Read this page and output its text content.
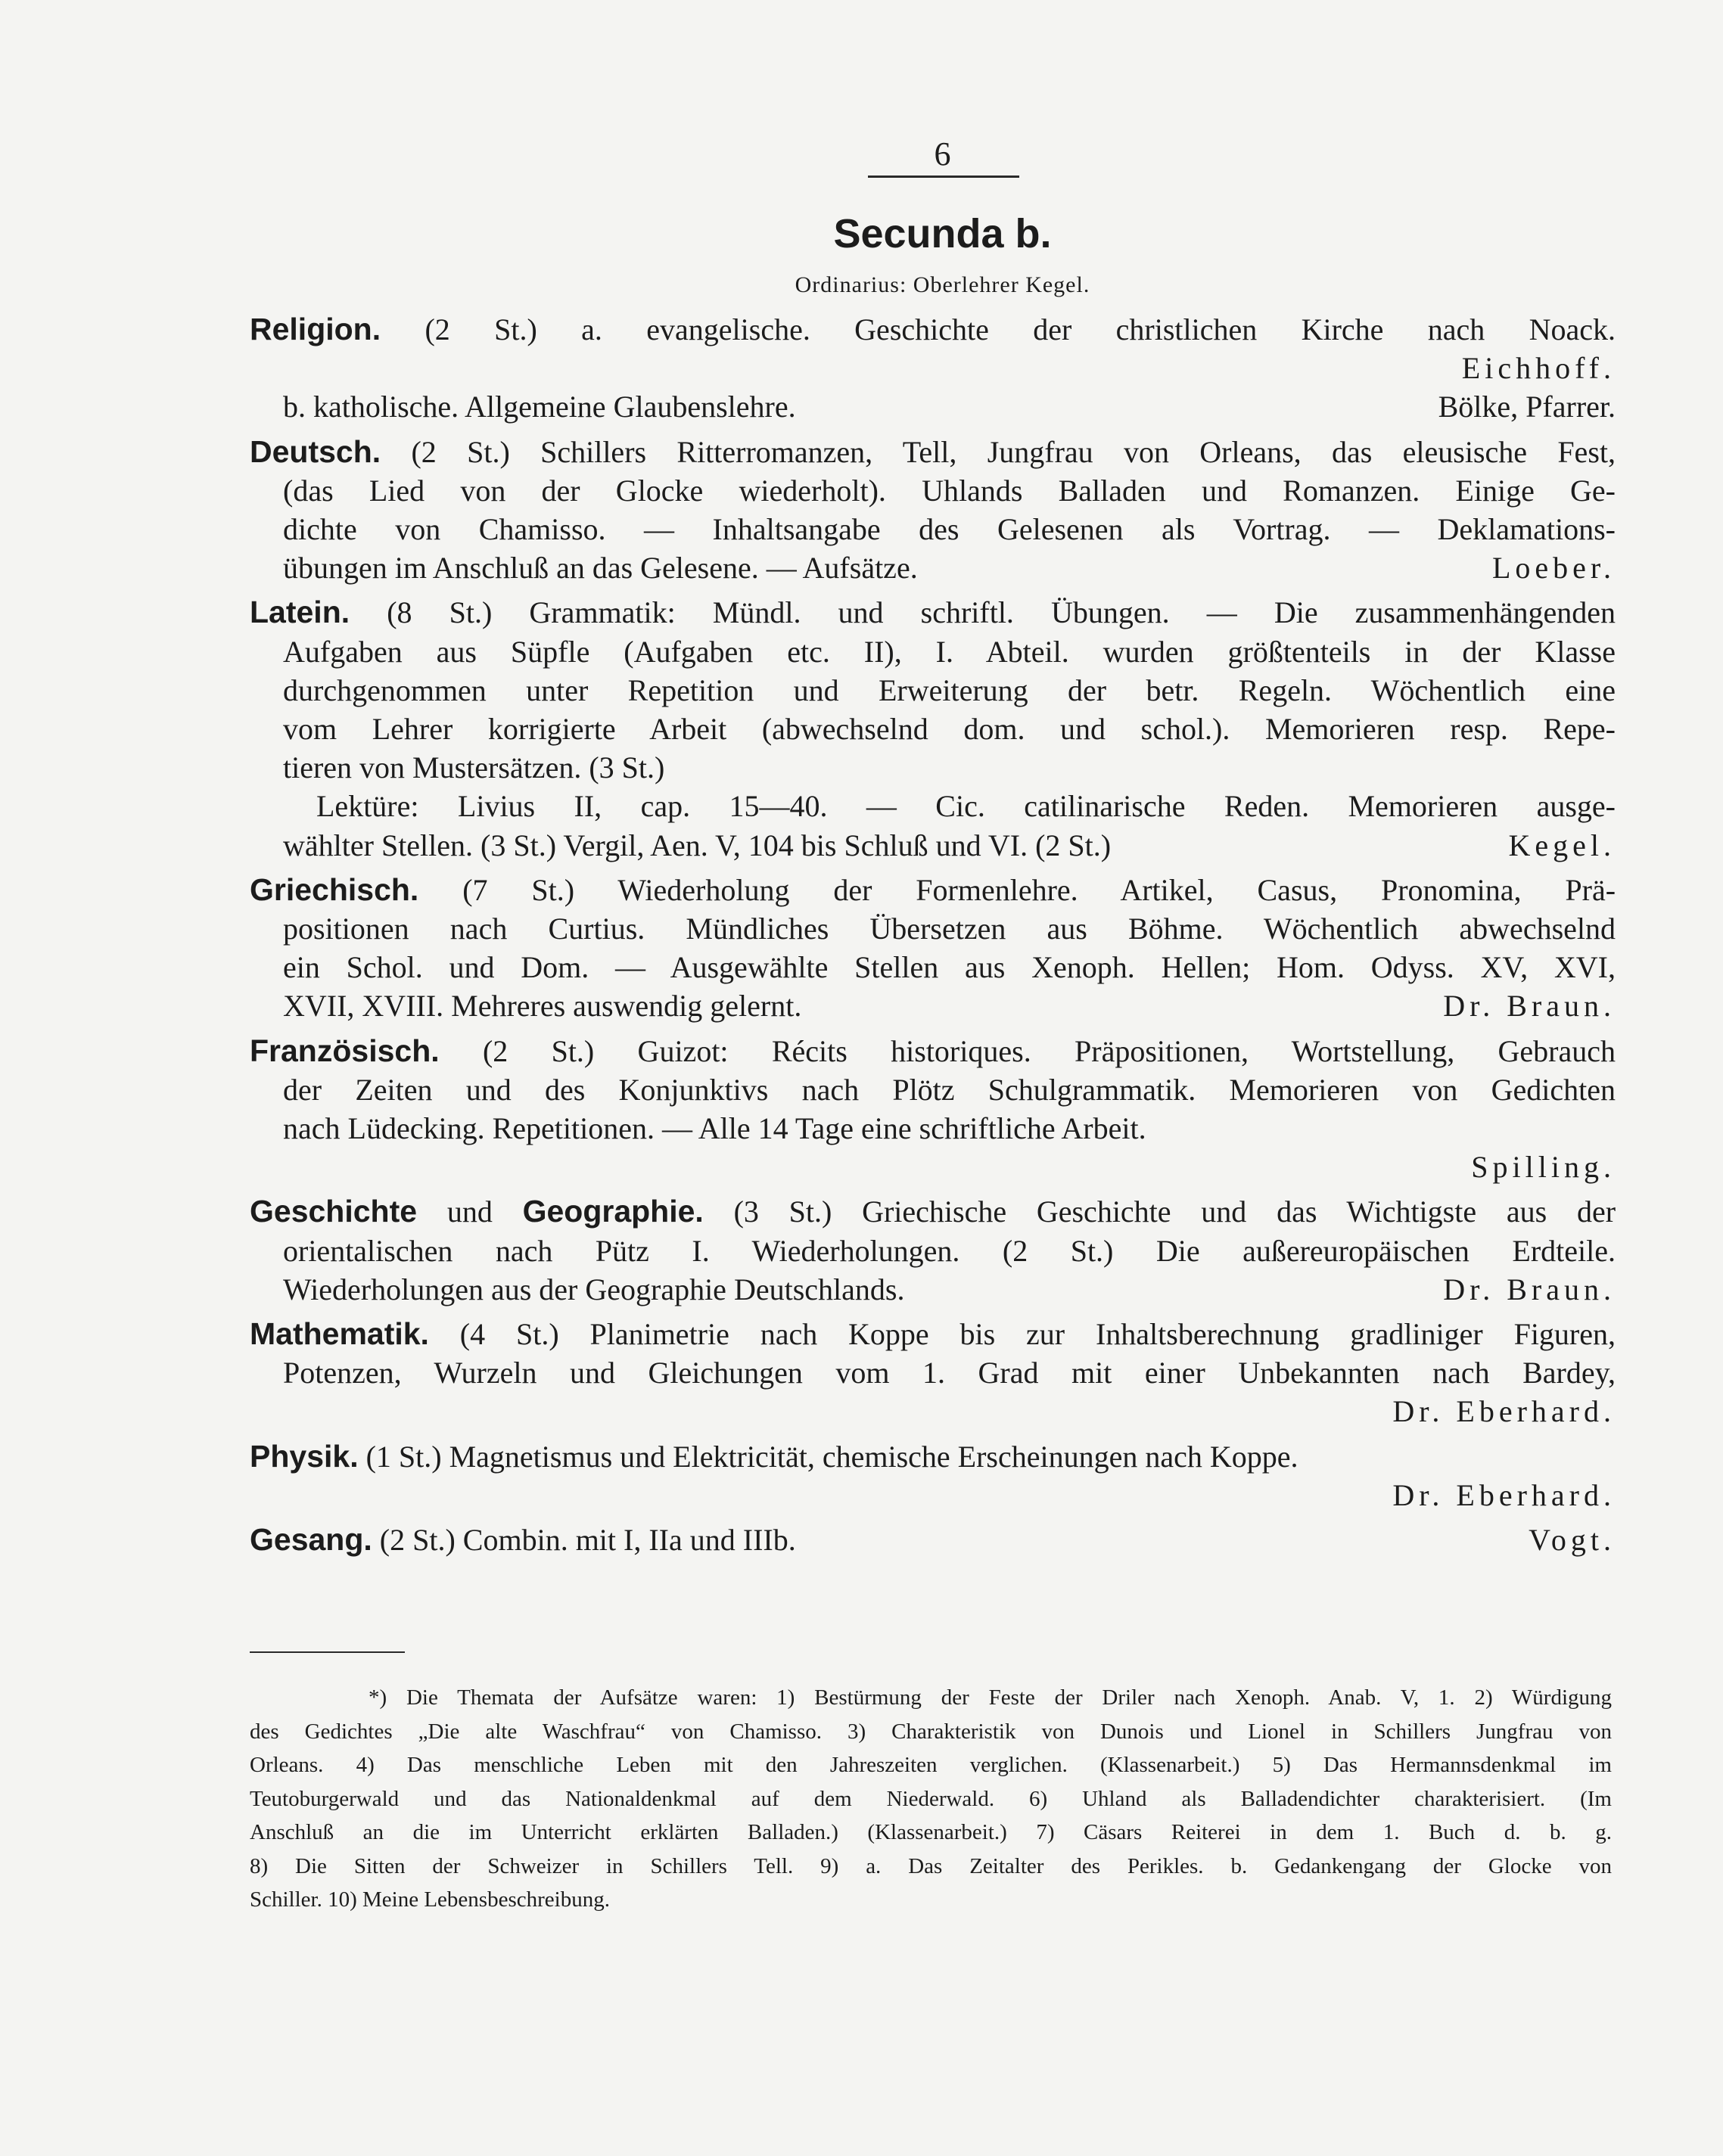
6
Secunda b.
Ordinarius: Oberlehrer Kegel.
Religion. (2 St.) a. evangelische. Geschichte der christlichen Kirche nach Noack.
Eichhoff.
b. katholische. Allgemeine Glaubenslehre.	Bölke, Pfarrer.
Deutsch. (2 St.) Schillers Ritterromanzen, Tell, Jungfrau von Orleans, das eleusische Fest,
(das Lied von der Glocke wiederholt). Uhlands Balladen und Romanzen. Einige Ge-
dichte von Chamisso. — Inhaltsangabe des Gelesenen als Vortrag. — Deklamations-
übungen im Anschluß an das Gelesene. — Aufsätze.	Loeber.
Latein. (8 St.) Grammatik: Mündl. und schriftl. Übungen. — Die zusammenhängenden
Aufgaben aus Süpfle (Aufgaben etc. II), I. Abteil. wurden größtenteils in der Klasse
durchgenommen unter Repetition und Erweiterung der betr. Regeln. Wöchentlich eine
vom Lehrer korrigierte Arbeit (abwechselnd dom. und schol.). Memorieren resp. Repe-
tieren von Mustersätzen. (3 St.)
Lektüre: Livius II, cap. 15—40. — Cic. catilinarische Reden. Memorieren ausge-
wählter Stellen. (3 St.) Vergil, Aen. V, 104 bis Schluß und VI. (2 St.)	Kegel.
Griechisch. (7 St.) Wiederholung der Formenlehre. Artikel, Casus, Pronomina, Prä-
positionen nach Curtius. Mündliches Übersetzen aus Böhme. Wöchentlich abwechselnd
ein Schol. und Dom. — Ausgewählte Stellen aus Xenoph. Hellen; Hom. Odyss. XV, XVI,
XVII, XVIII. Mehreres auswendig gelernt.	Dr. Braun.
Französisch. (2 St.) Guizot: Récits historiques. Präpositionen, Wortstellung, Gebrauch
der Zeiten und des Konjunktivs nach Plötz Schulgrammatik. Memorieren von Gedichten
nach Lüdecking. Repetitionen. — Alle 14 Tage eine schriftliche Arbeit.
Spilling.
Geschichte und Geographie. (3 St.) Griechische Geschichte und das Wichtigste aus der
orientalischen nach Pütz I. Wiederholungen. (2 St.) Die außereuropäischen Erdteile.
Wiederholungen aus der Geographie Deutschlands.	Dr. Braun.
Mathematik. (4 St.) Planimetrie nach Koppe bis zur Inhaltsberechnung gradliniger Figuren,
Potenzen, Wurzeln und Gleichungen vom 1. Grad mit einer Unbekannten nach Bardey,
Dr. Eberhard.
Physik. (1 St.) Magnetismus und Elektricität, chemische Erscheinungen nach Koppe.
Dr. Eberhard.
Gesang. (2 St.) Combin. mit I, IIa und IIIb.	Vogt.
*) Die Themata der Aufsätze waren: 1) Bestürmung der Feste der Driler nach Xenoph. Anab. V, 1. 2) Würdigung
des Gedichtes „Die alte Waschfrau“ von Chamisso. 3) Charakteristik von Dunois und Lionel in Schillers Jungfrau von
Orleans. 4) Das menschliche Leben mit den Jahreszeiten verglichen. (Klassenarbeit.) 5) Das Hermannsdenkmal im
Teutoburgerwald und das Nationaldenkmal auf dem Niederwald. 6) Uhland als Balladendichter charakterisiert. (Im
Anschluß an die im Unterricht erklärten Balladen.) (Klassenarbeit.) 7) Cäsars Reiterei in dem 1. Buch d. b. g.
8) Die Sitten der Schweizer in Schillers Tell. 9) a. Das Zeitalter des Perikles. b. Gedankengang der Glocke von
Schiller. 10) Meine Lebensbeschreibung.
